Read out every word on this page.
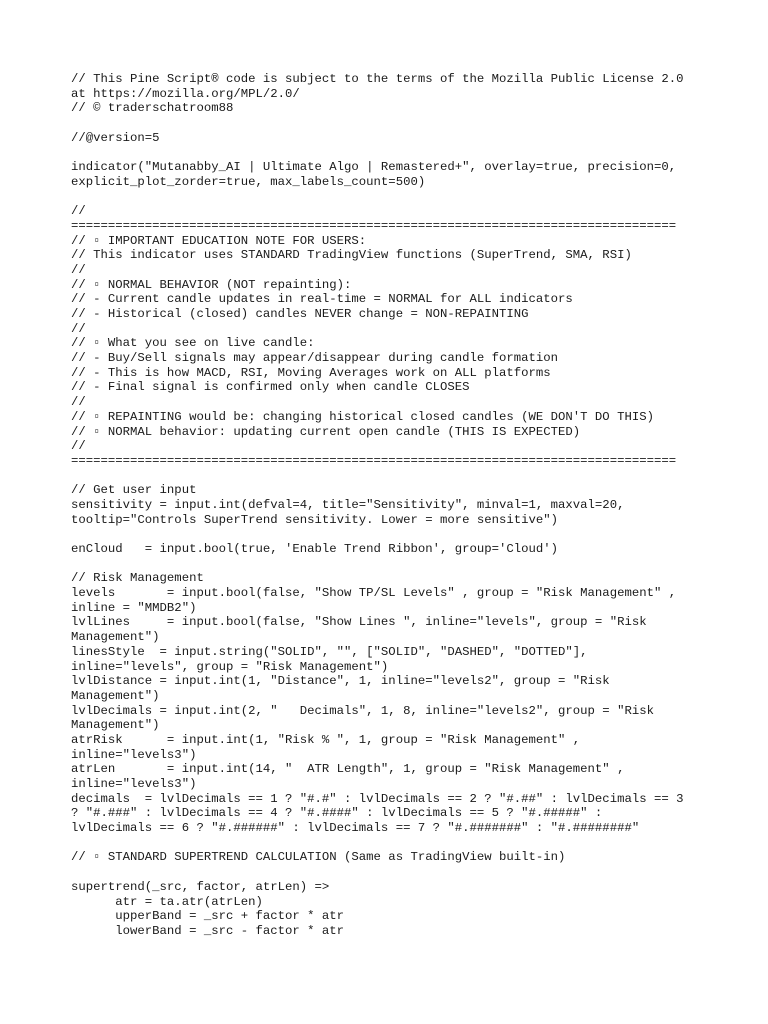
// This Pine Script® code is subject to the terms of the Mozilla Public License 2.0
at https://mozilla.org/MPL/2.0/
// © traderschatroom88

//@version=5

indicator("Mutanabby_AI | Ultimate Algo | Remastered+", overlay=true, precision=0,
explicit_plot_zorder=true, max_labels_count=500)

//
==================================================================================
// ▫ IMPORTANT EDUCATION NOTE FOR USERS:
// This indicator uses STANDARD TradingView functions (SuperTrend, SMA, RSI)
//
// ▫ NORMAL BEHAVIOR (NOT repainting):
// - Current candle updates in real-time = NORMAL for ALL indicators
// - Historical (closed) candles NEVER change = NON-REPAINTING
//
// ▫ What you see on live candle:
// - Buy/Sell signals may appear/disappear during candle formation
// - This is how MACD, RSI, Moving Averages work on ALL platforms
// - Final signal is confirmed only when candle CLOSES
//
// ▫ REPAINTING would be: changing historical closed candles (WE DON'T DO THIS)
// ▫ NORMAL behavior: updating current open candle (THIS IS EXPECTED)
//
==================================================================================

// Get user input
sensitivity = input.int(defval=4, title="Sensitivity", minval=1, maxval=20,
tooltip="Controls SuperTrend sensitivity. Lower = more sensitive")

enCloud   = input.bool(true, 'Enable Trend Ribbon', group='Cloud')

// Risk Management
levels       = input.bool(false, "Show TP/SL Levels" , group = "Risk Management" ,
inline = "MMDB2")
lvlLines     = input.bool(false, "Show Lines ", inline="levels", group = "Risk
Management")
linesStyle  = input.string("SOLID", "", ["SOLID", "DASHED", "DOTTED"],
inline="levels", group = "Risk Management")
lvlDistance = input.int(1, "Distance", 1, inline="levels2", group = "Risk
Management")
lvlDecimals = input.int(2, "   Decimals", 1, 8, inline="levels2", group = "Risk
Management")
atrRisk      = input.int(1, "Risk % ", 1, group = "Risk Management" ,
inline="levels3")
atrLen       = input.int(14, "  ATR Length", 1, group = "Risk Management" ,
inline="levels3")
decimals  = lvlDecimals == 1 ? "#.#" : lvlDecimals == 2 ? "#.##" : lvlDecimals == 3
? "#.###" : lvlDecimals == 4 ? "#.####" : lvlDecimals == 5 ? "#.#####" :
lvlDecimals == 6 ? "#.######" : lvlDecimals == 7 ? "#.#######" : "#.########"

// ▫ STANDARD SUPERTREND CALCULATION (Same as TradingView built-in)

supertrend(_src, factor, atrLen) =>
atr = ta.atr(atrLen)
upperBand = _src + factor * atr
lowerBand = _src - factor * atr
